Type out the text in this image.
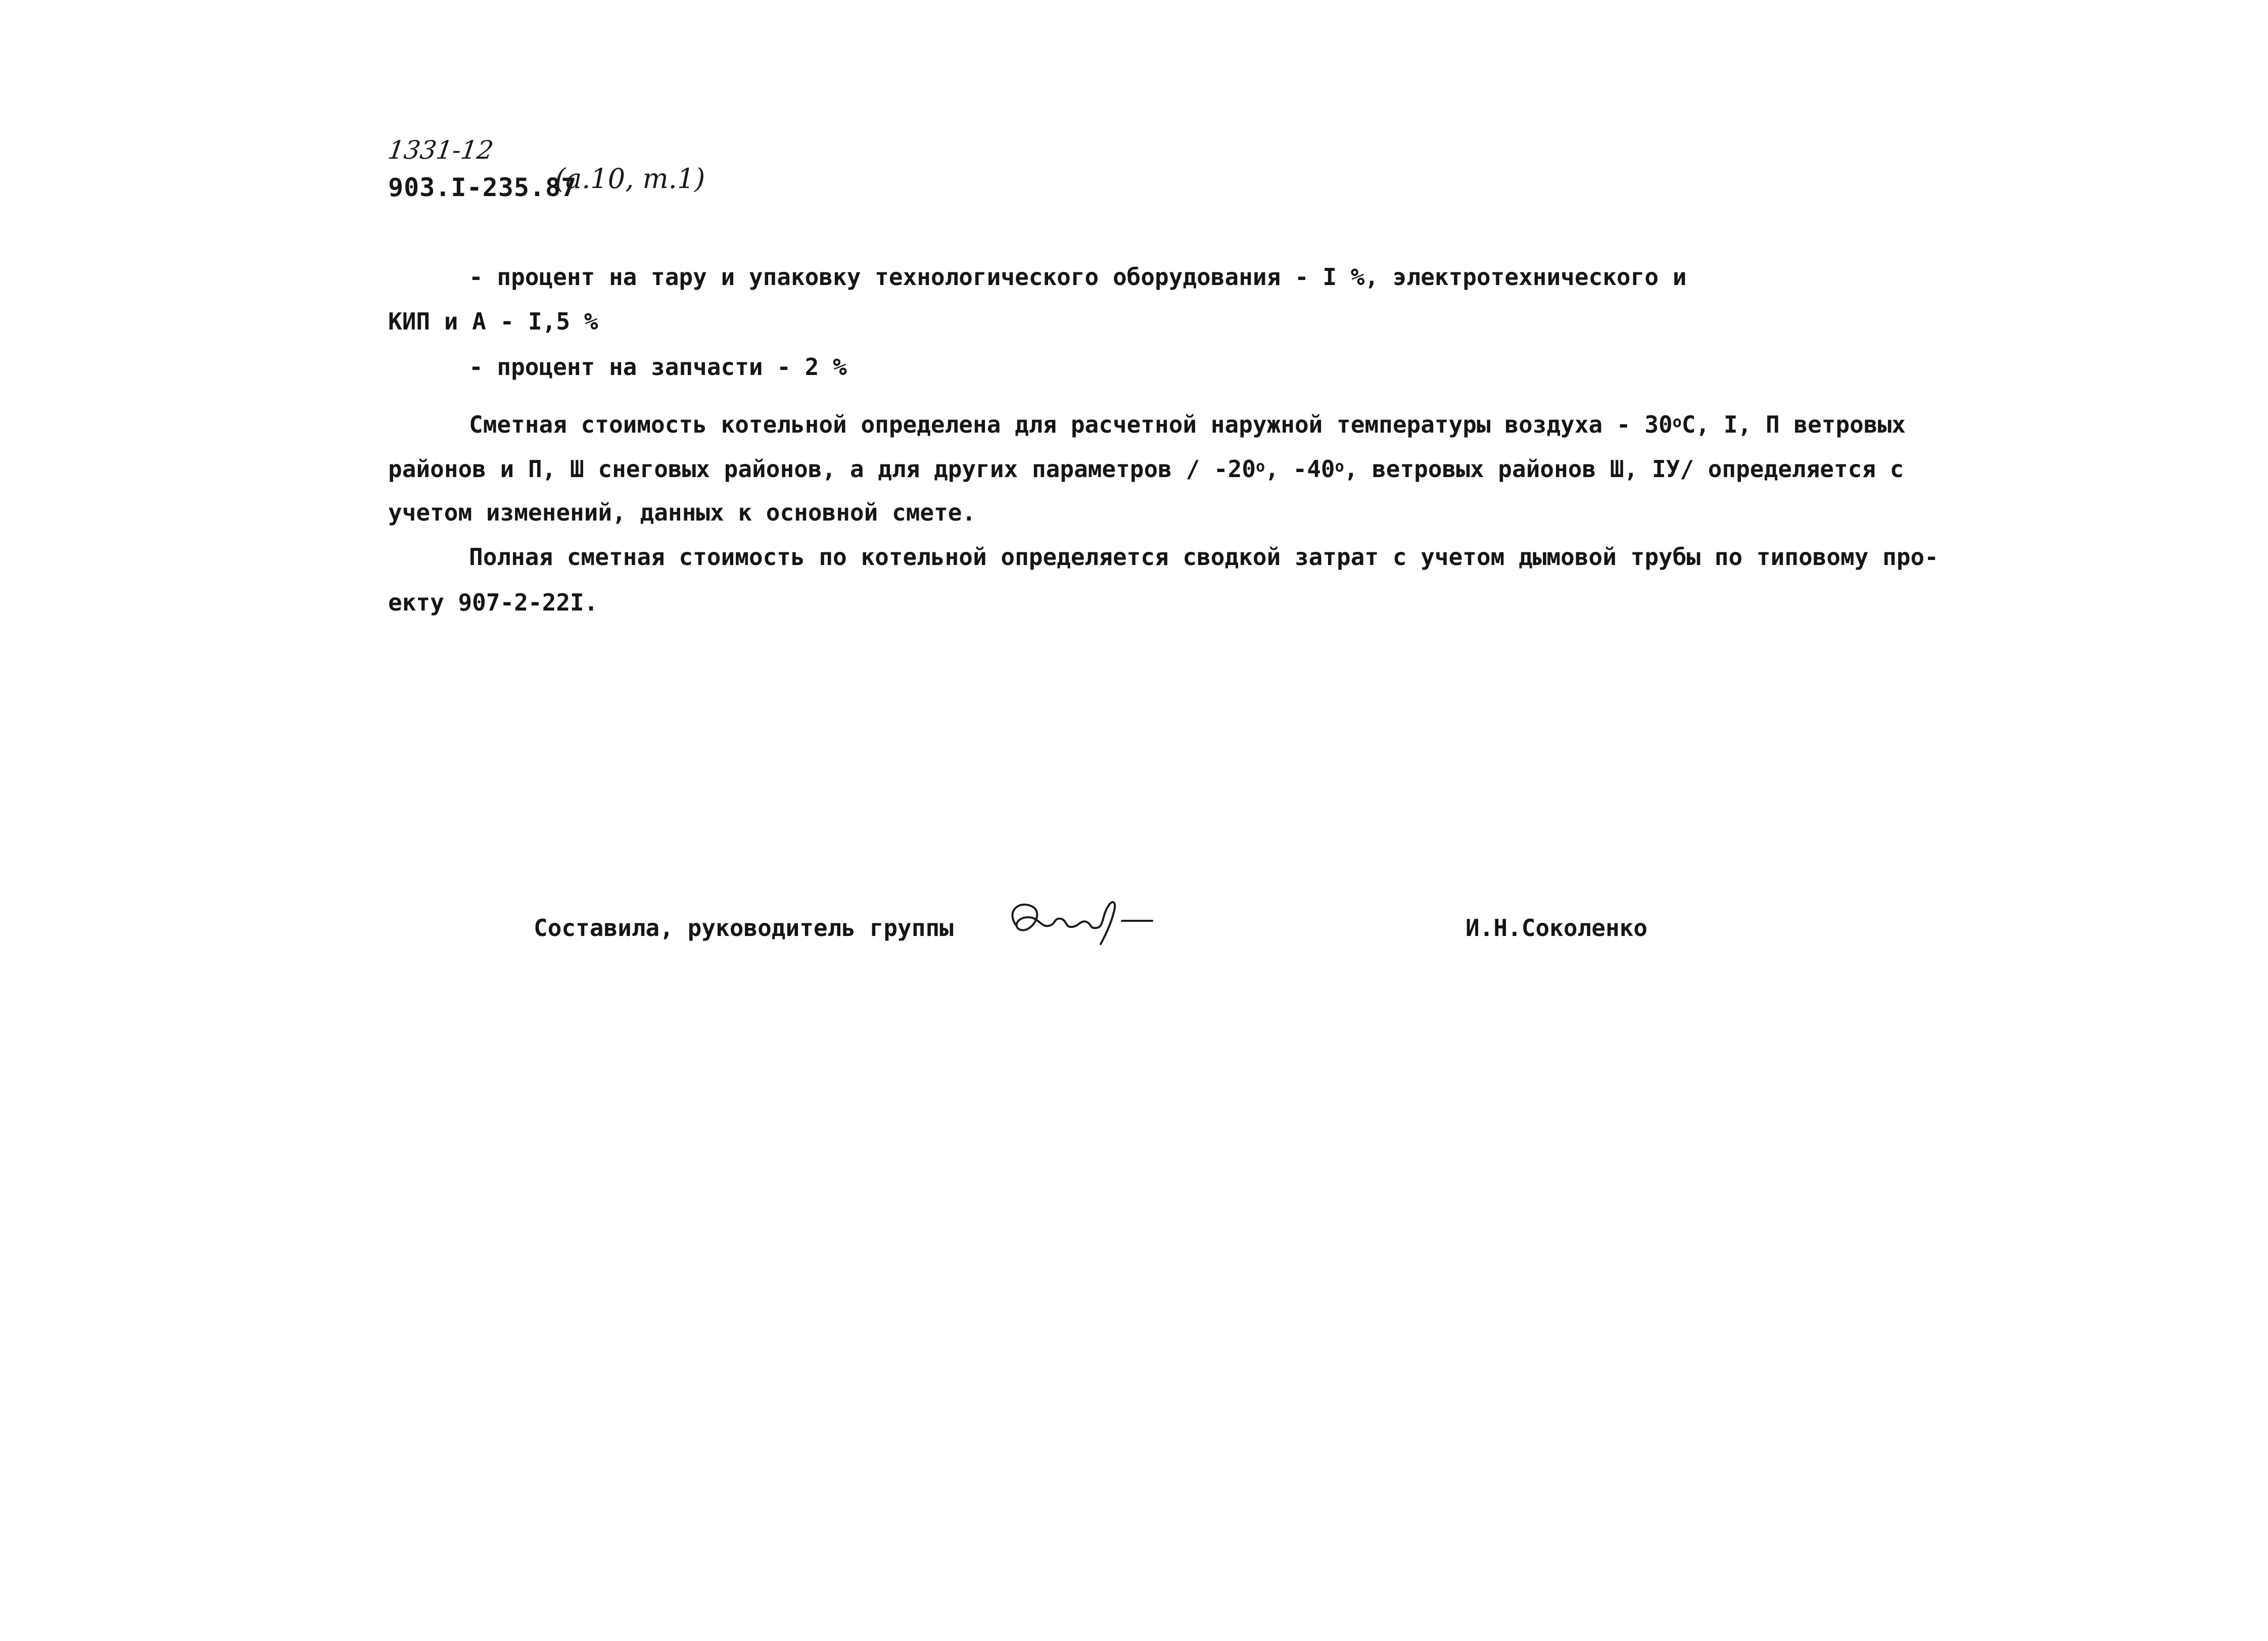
1331-12
903.I-235.87
(а.10, т.1)
- процент на тару и упаковку технологического оборудования - I %, электротехнического и
КИП и А - I,5 %
- процент на запчасти - 2 %
Сметная стоимость котельной определена для расчетной наружной температуры воздуха - $30^оС$, I, П ветровых
районов и П, Ш снеговых районов, а для других параметров / $-20^о$, $-40^о$, ветровых районов Ш, IУ/ определяется с
учетом изменений, данных к основной смете.
Полная сметная стоимость по котельной определяется сводкой затрат с учетом дымовой трубы по типовому про-
екту 907-2-22I.
Составила, руководитель группы	И.Н.Соколенко
